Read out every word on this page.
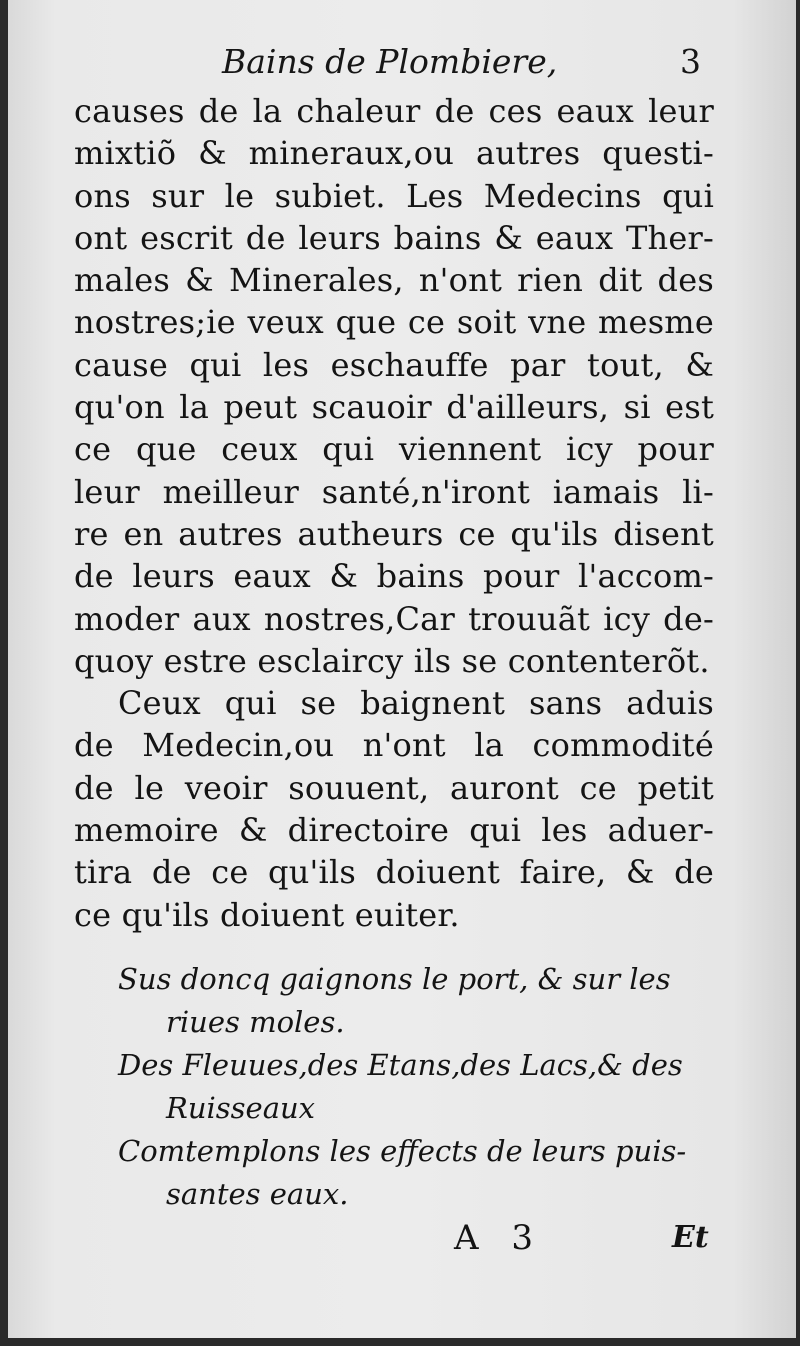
Bains de Plombiere,	3
causes de la chaleur de ces eaux leur
mixtiõ & mineraux,ou autres questi-
ons sur le subiet. Les Medecins qui
ont escrit de leurs bains & eaux Ther-
males & Minerales, n'ont rien dit des
nostres;ie veux que ce soit vne mesme
cause qui les eschauffe par tout, &
qu'on la peut scauoir d'ailleurs, si est
ce que ceux qui viennent icy pour
leur meilleur santé,n'iront iamais li-
re en autres autheurs ce qu'ils disent
de leurs eaux & bains pour l'accom-
moder aux nostres,Car trouuãt icy de-
quoy estre esclaircy ils se contenterõt.
Ceux qui se baignent sans aduis
de Medecin,ou n'ont la commodité
de le veoir souuent, auront ce petit
memoire & directoire qui les aduer-
tira de ce qu'ils doiuent faire, & de
ce qu'ils doiuent euiter.
Sus doncq gaignons le port, & sur les
riues moles.
Des Fleuues,des Etans,des Lacs,& des
Ruisseaux
Comtemplons les effects de leurs puis-
santes eaux.
A 3	Et
